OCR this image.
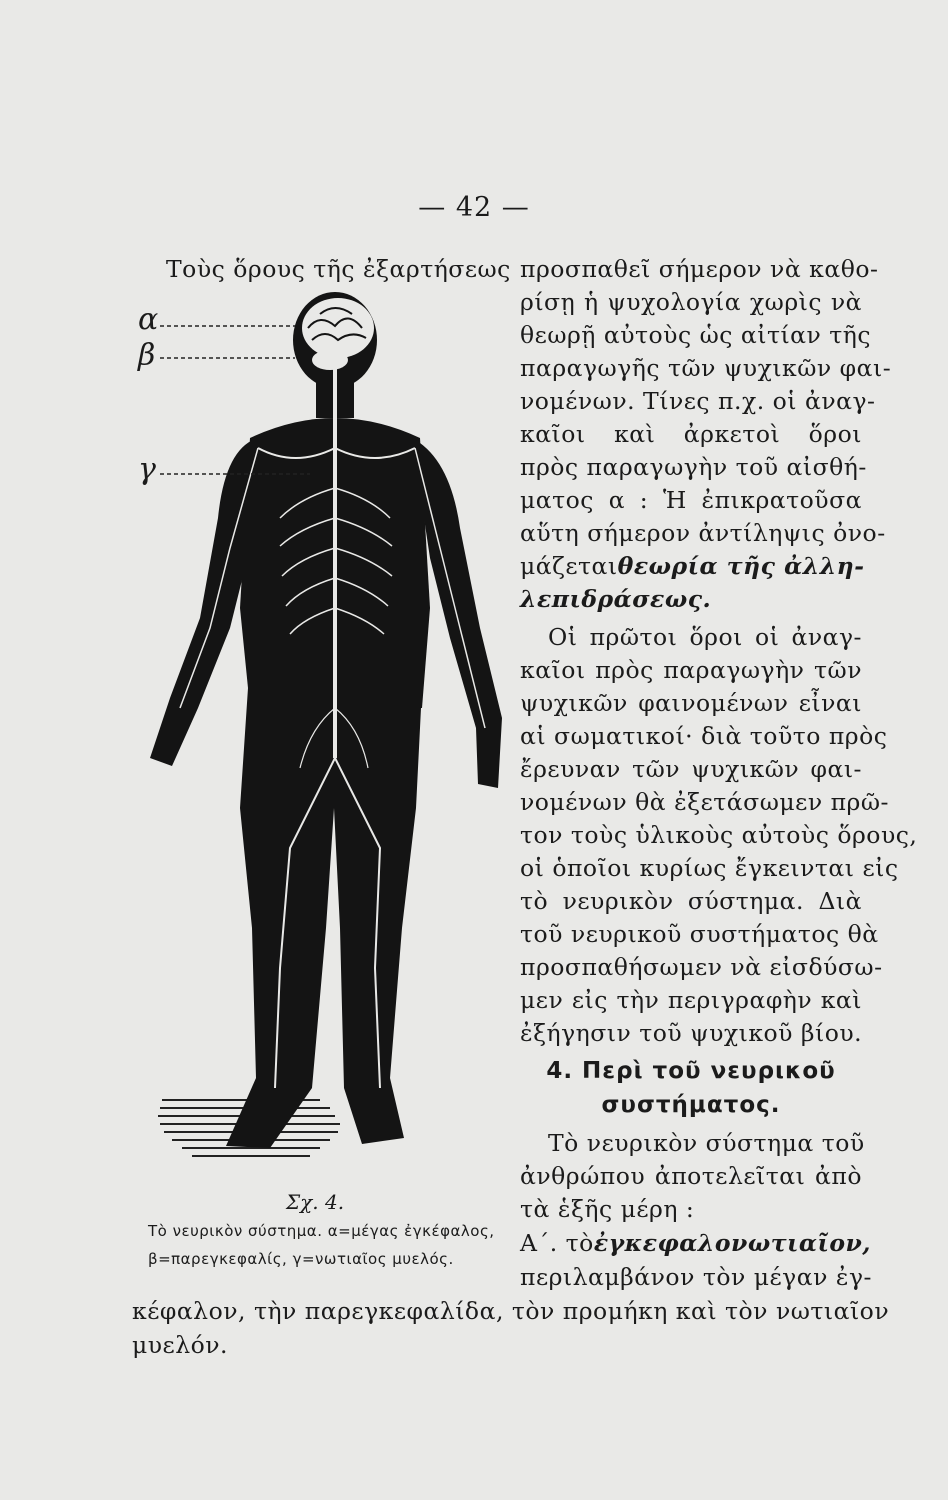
— 42 —
Τοὺς ὅρους τῆς ἐξαρτήσεως προσπαθεῖ σήμερον νὰ καθο-
ρίσῃ ἡ ψυχολογία χωρὶς νὰ
θεωρῇ αὐτοὺς ὡς αἰτίαν τῆς
παραγωγῆς τῶν ψυχικῶν φαι-
νομένων. Τίνες π.χ. οἱ ἀναγ-
καῖοι καὶ ἀρκετοὶ ὅροι
πρὸς παραγωγὴν τοῦ αἰσθή-
ματος α : Ἡ ἐπικρατοῦσα
αὕτη σήμερον ἀντίληψις ὀνο-
μάζεται θεωρία τῆς ἀλλη-
λεπιδράσεως.
Οἱ πρῶτοι ὅροι οἱ ἀναγ-
καῖοι πρὸς παραγωγὴν τῶν
ψυχικῶν φαινομένων εἶναι
αἱ σωματικοί· διὰ τοῦτο πρὸς
ἔρευναν τῶν ψυχικῶν φαι-
νομένων θὰ ἐξετάσωμεν πρῶ-
τον τοὺς ὑλικοὺς αὐτοὺς ὅρους,
οἱ ὁποῖοι κυρίως ἔγκεινται εἰς
τὸ νευρικὸν σύστημα. Διὰ
τοῦ νευρικοῦ συστήματος θὰ
προσπαθήσωμεν νὰ εἰσδύσω-
μεν εἰς τὴν περιγραφὴν καὶ
ἐξήγησιν τοῦ ψυχικοῦ βίου.
4. Περὶ τοῦ νευρικοῦ
συστήματος.
Τὸ νευρικὸν σύστημα τοῦ
ἀνθρώπου ἀποτελεῖται ἀπὸ
τὰ ἑξῆς μέρη :
Α΄. τὸ ἐγκεφαλονωτιαῖον,
περιλαμβάνον τὸν μέγαν ἐγ-
κέφαλον, τὴν παρεγκεφαλίδα, τὸν προμήκη καὶ τὸν νωτιαῖον
μυελόν.
α
β
γ
Σχ. 4.
Τὸ νευρικὸν σύστημα. α=μέγας ἐγκέφαλος,
β=παρεγκεφαλίς, γ=νωτιαῖος μυελός.
